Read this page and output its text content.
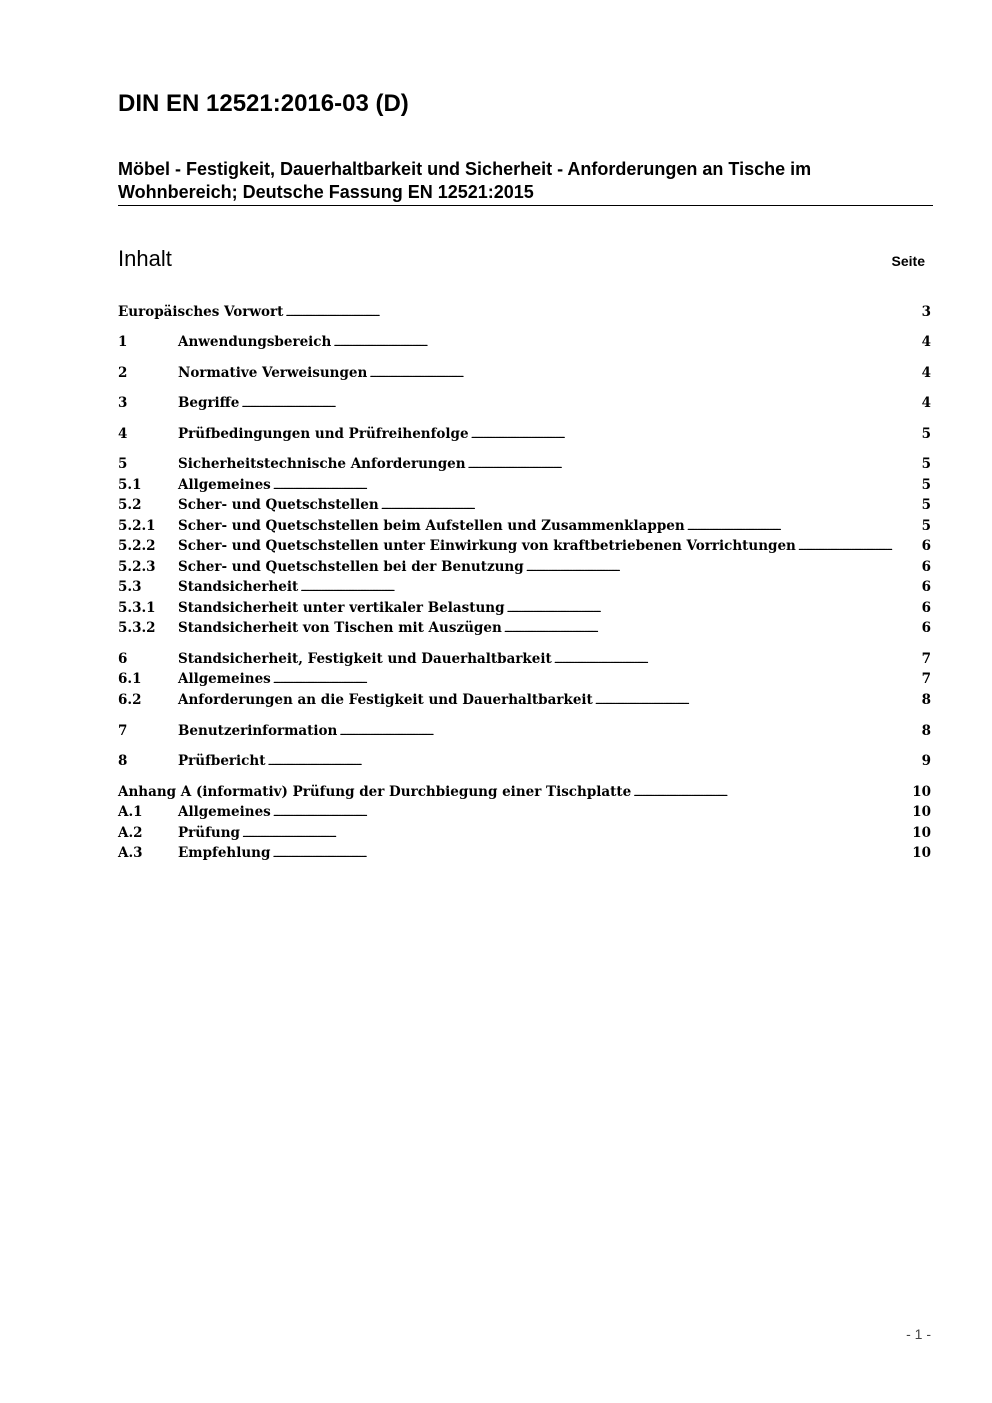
DIN EN 12521:2016-03 (D)
Möbel - Festigkeit, Dauerhaltbarkeit und Sicherheit - Anforderungen an Tische im Wohnbereich; Deutsche Fassung EN 12521:2015
Inhalt	Seite
Europäisches Vorwort . . .	3
1	Anwendungsbereich . . .	4
2	Normative Verweisungen . . .	4
3	Begriffe . . .	4
4	Prüfbedingungen und Prüfreihenfolge . . .	5
5	Sicherheitstechnische Anforderungen . . .	5
5.1	Allgemeines . . .	5
5.2	Scher- und Quetschstellen . . .	5
5.2.1	Scher- und Quetschstellen beim Aufstellen und Zusammenklappen . . .	5
5.2.2	Scher- und Quetschstellen unter Einwirkung von kraftbetriebenen Vorrichtungen . . .	6
5.2.3	Scher- und Quetschstellen bei der Benutzung . . .	6
5.3	Standsicherheit . . .	6
5.3.1	Standsicherheit unter vertikaler Belastung . . .	6
5.3.2	Standsicherheit von Tischen mit Auszügen . . .	6
6	Standsicherheit, Festigkeit und Dauerhaltbarkeit . . .	7
6.1	Allgemeines . . .	7
6.2	Anforderungen an die Festigkeit und Dauerhaltbarkeit . . .	8
7	Benutzerinformation . . .	8
8	Prüfbericht . . .	9
Anhang A (informativ) Prüfung der Durchbiegung einer Tischplatte . . .	10
A.1	Allgemeines . . .	10
A.2	Prüfung . . .	10
A.3	Empfehlung . . .	10
- 1 -
